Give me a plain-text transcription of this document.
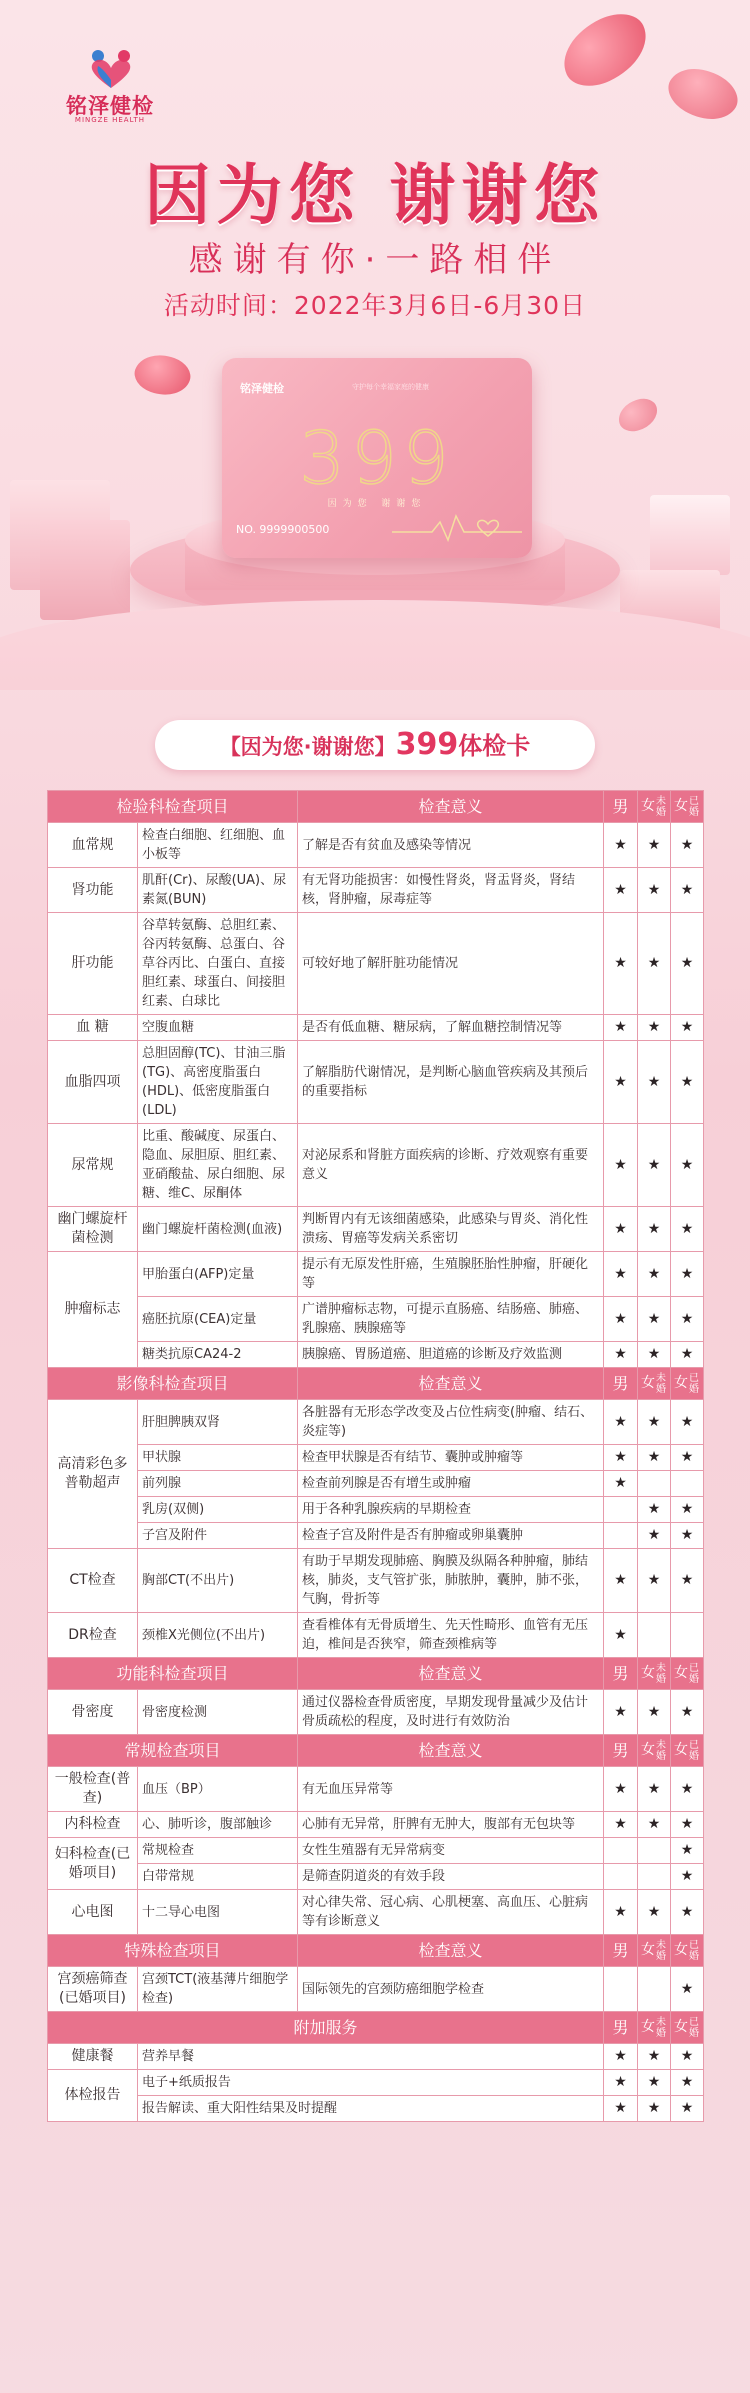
铭泽健检
MINGZE HEALTH
因为您 谢谢您
感谢有你·一路相伴
活动时间：2022年3月6日-6月30日
铭泽健检	守护每个幸福家庭的健康
399
因为您 谢谢您
NO. 9999900500
【因为您·谢谢您】399体检卡
检验科检查项目		检查意义	男	女未婚	女已婚
血常规	检查白细胞、红细胞、血小板等	了解是否有贫血及感染等情况	★	★	★
肾功能	肌酐(Cr)、尿酸(UA)、尿素氮(BUN)	有无肾功能损害：如慢性肾炎，肾盂肾炎，肾结核，肾肿瘤，尿毒症等	★	★	★
肝功能	谷草转氨酶、总胆红素、谷丙转氨酶、总蛋白、谷草谷丙比、白蛋白、直接胆红素、球蛋白、间接胆红素、白球比	可较好地了解肝脏功能情况	★	★	★
血 糖	空腹血糖	是否有低血糖、糖尿病，了解血糖控制情况等	★	★	★
血脂四项	总胆固醇(TC)、甘油三脂(TG)、高密度脂蛋白(HDL)、低密度脂蛋白(LDL)	了解脂肪代谢情况，是判断心脑血管疾病及其预后的重要指标	★	★	★
尿常规	比重、酸碱度、尿蛋白、隐血、尿胆原、胆红素、亚硝酸盐、尿白细胞、尿糖、维C、尿酮体	对泌尿系和肾脏方面疾病的诊断、疗效观察有重要意义	★	★	★
幽门螺旋杆菌检测	幽门螺旋杆菌检测(血液)	判断胃内有无该细菌感染，此感染与胃炎、消化性溃疡、胃癌等发病关系密切	★	★	★
肿瘤标志	甲胎蛋白(AFP)定量	提示有无原发性肝癌，生殖腺胚胎性肿瘤，肝硬化等	★	★	★
	癌胚抗原(CEA)定量	广谱肿瘤标志物，可提示直肠癌、结肠癌、肺癌、乳腺癌、胰腺癌等	★	★	★
	糖类抗原CA24-2	胰腺癌、胃肠道癌、胆道癌的诊断及疗效监测	★	★	★
影像科检查项目		检查意义	男	女未婚	女已婚
高清彩色多普勒超声	肝胆脾胰双肾	各脏器有无形态学改变及占位性病变(肿瘤、结石、炎症等)	★	★	★
	甲状腺	检查甲状腺是否有结节、囊肿或肿瘤等	★	★	★
	前列腺	检查前列腺是否有增生或肿瘤	★		
	乳房(双侧)	用于各种乳腺疾病的早期检查		★	★
	子宫及附件	检查子宫及附件是否有肿瘤或卵巢囊肿		★	★
CT检查	胸部CT(不出片)	有助于早期发现肺癌、胸膜及纵隔各种肿瘤，肺结核，肺炎，支气管扩张，肺脓肿，囊肿，肺不张，气胸，骨折等	★	★	★
DR检查	颈椎X光侧位(不出片)	查看椎体有无骨质增生、先天性畸形、血管有无压迫，椎间是否狭窄，筛查颈椎病等	★		
功能科检查项目		检查意义	男	女未婚	女已婚
骨密度	骨密度检测	通过仪器检查骨质密度，早期发现骨量减少及估计骨质疏松的程度，及时进行有效防治	★	★	★
常规检查项目		检查意义	男	女未婚	女已婚
一般检查(普查)	血压（BP）	有无血压异常等	★	★	★
内科检查	心、肺听诊，腹部触诊	心肺有无异常，肝脾有无肿大，腹部有无包块等	★	★	★
妇科检查(已婚项目)	常规检查	女性生殖器有无异常病变			★
	白带常规	是筛查阴道炎的有效手段			★
心电图	十二导心电图	对心律失常、冠心病、心肌梗塞、高血压、心脏病等有诊断意义	★	★	★
特殊检查项目		检查意义	男	女未婚	女已婚
宫颈癌筛查(已婚项目)	宫颈TCT(液基薄片细胞学检查)	国际领先的宫颈防癌细胞学检查			★
附加服务			男	女未婚	女已婚
健康餐	营养早餐		★	★	★
体检报告	电子+纸质报告		★	★	★
	报告解读、重大阳性结果及时提醒		★	★	★
